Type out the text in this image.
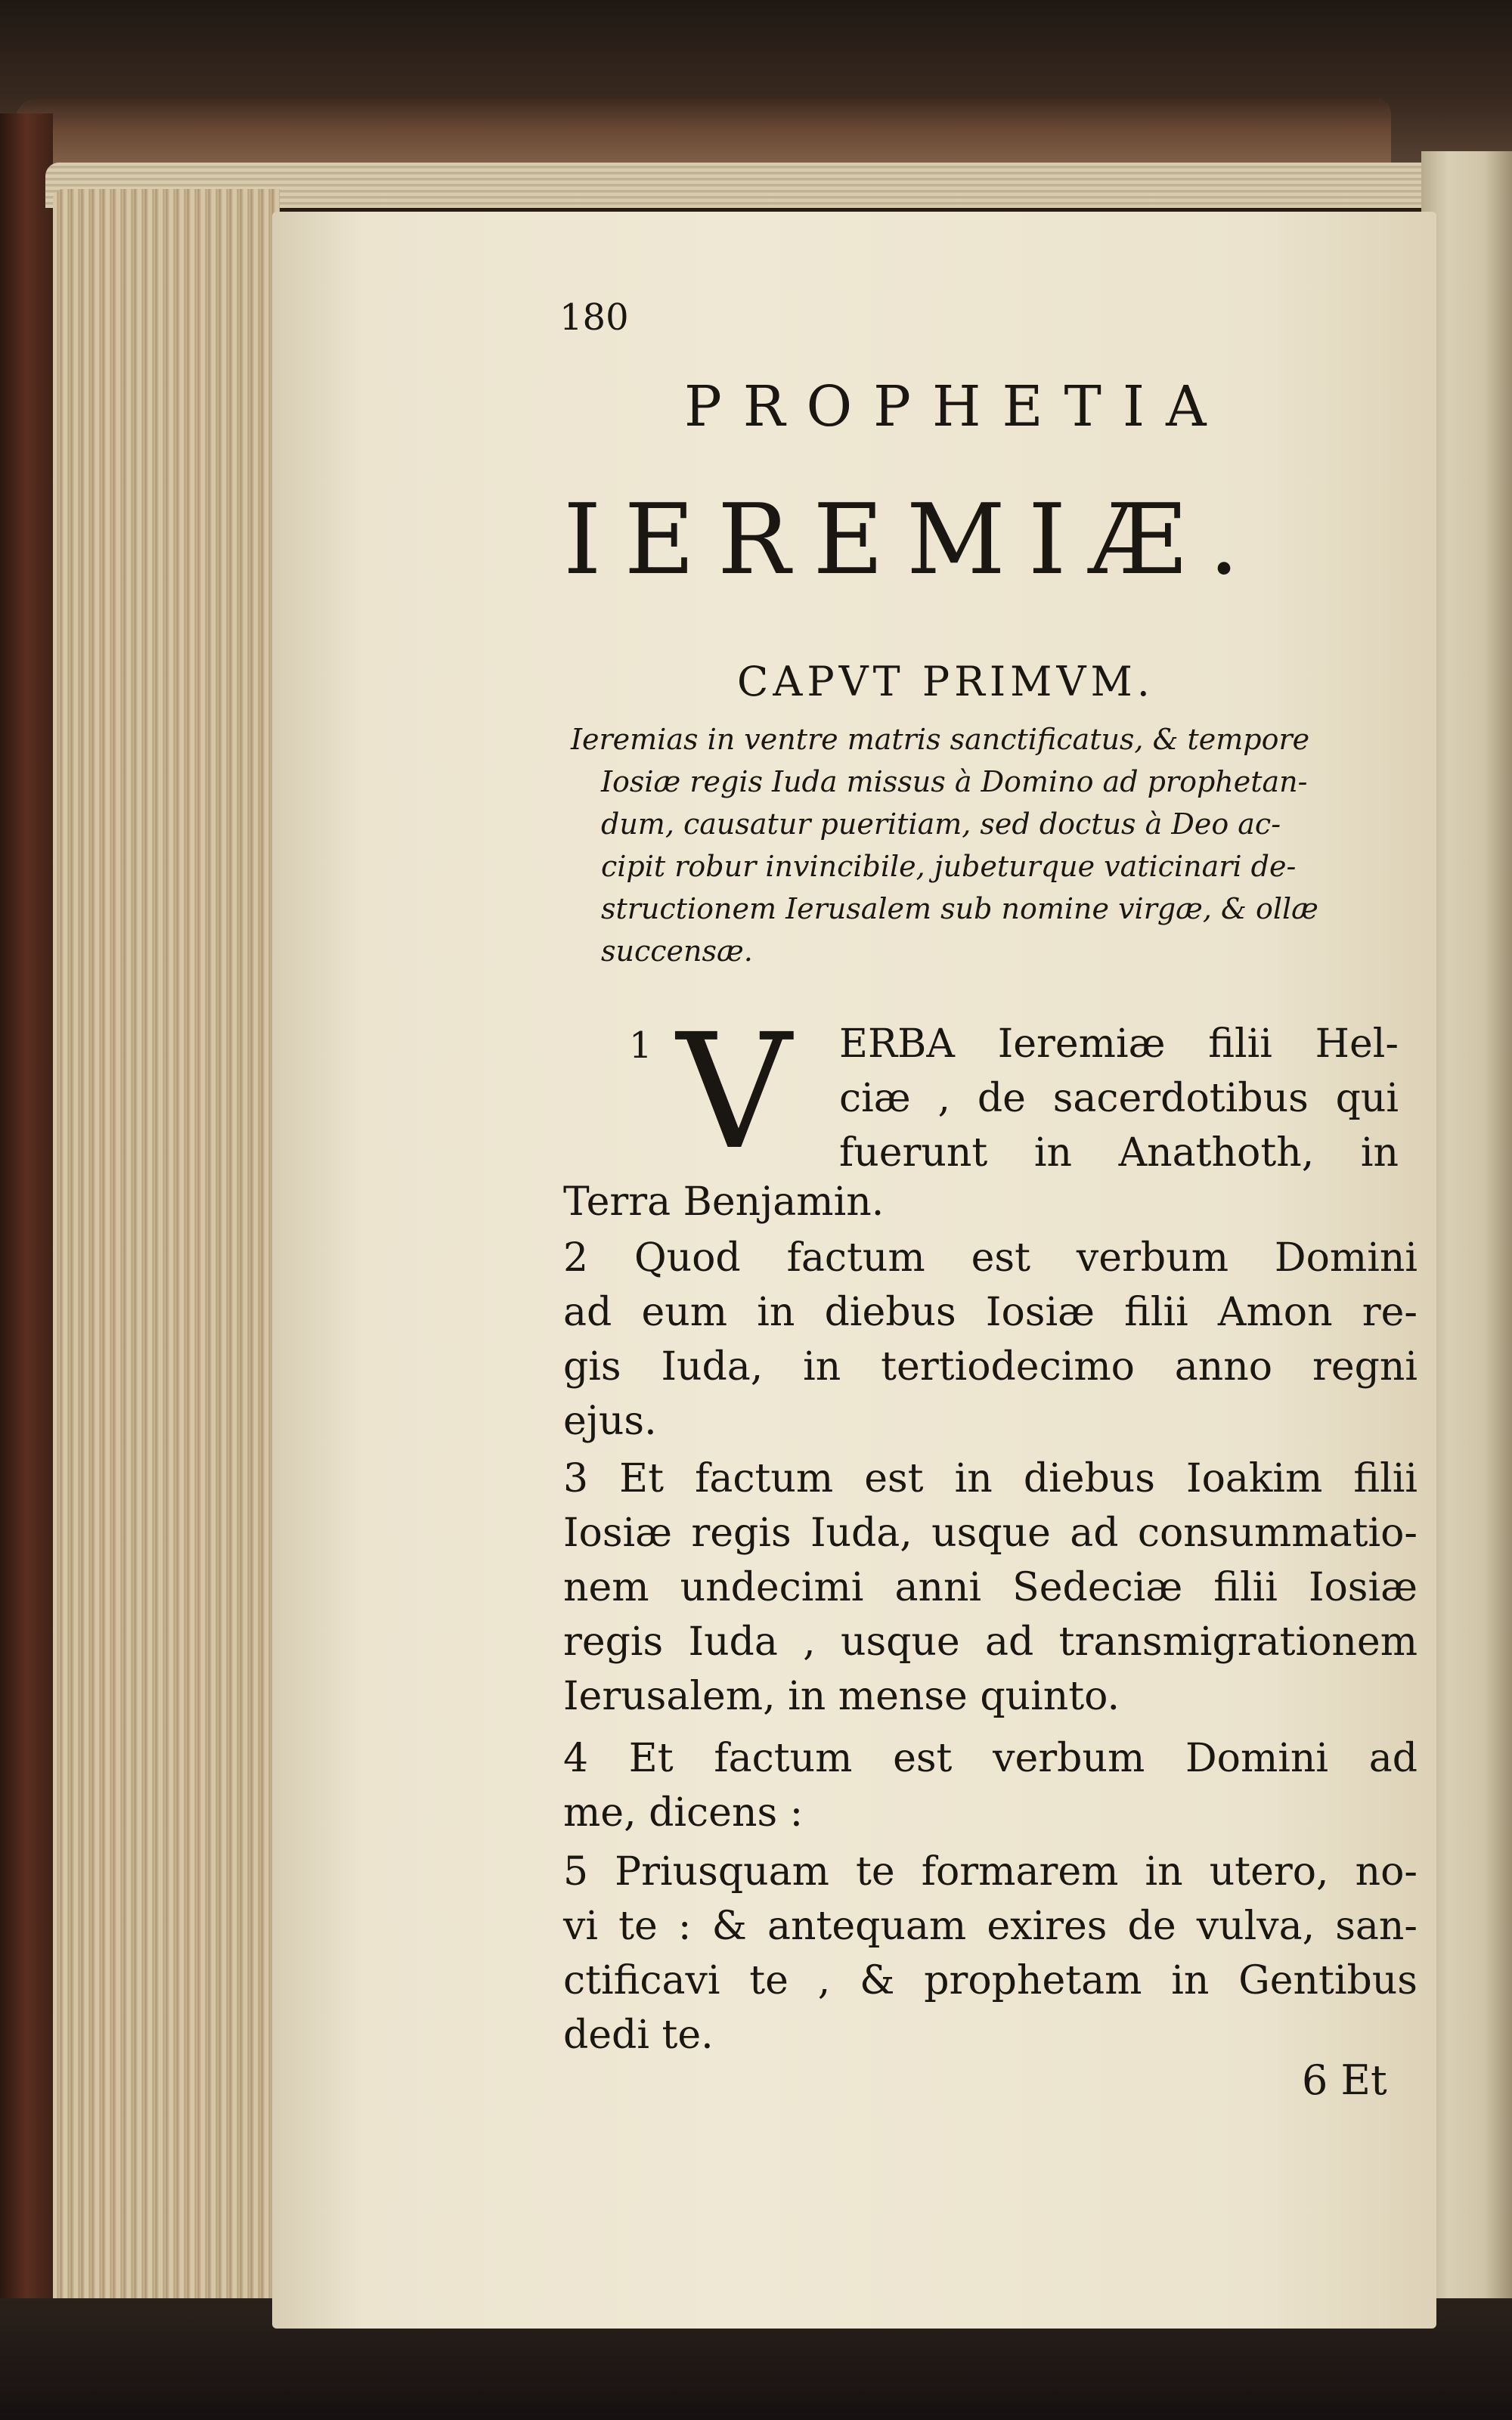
180
PROPHETIA
IEREMIÆ.
CAPVT PRIMVM.
Ieremias in ventre matris sanctificatus, & tempore
Iosiæ regis Iuda missus à Domino ad prophetan-
dum, causatur pueritiam, sed doctus à Deo ac-
cipit robur invincibile, jubeturque vaticinari de-
structionem Ierusalem sub nomine virgæ, & ollæ
succensæ.
1 V ERBA Ieremiæ filii Hel-
ciæ , de sacerdotibus qui
fuerunt in Anathoth, in
Terra Benjamin.
2 Quod factum est verbum Domini
ad eum in diebus Iosiæ filii Amon re-
gis Iuda, in tertiodecimo anno regni
ejus.
3 Et factum est in diebus Ioakim filii
Iosiæ regis Iuda, usque ad consummatio-
nem undecimi anni Sedeciæ filii Iosiæ
regis Iuda , usque ad transmigrationem
Ierusalem, in mense quinto.
4 Et factum est verbum Domini ad
me, dicens :
5 Priusquam te formarem in utero, no-
vi te : & antequam exires de vulva, san-
ctificavi te , & prophetam in Gentibus
dedi te.
6 Et
